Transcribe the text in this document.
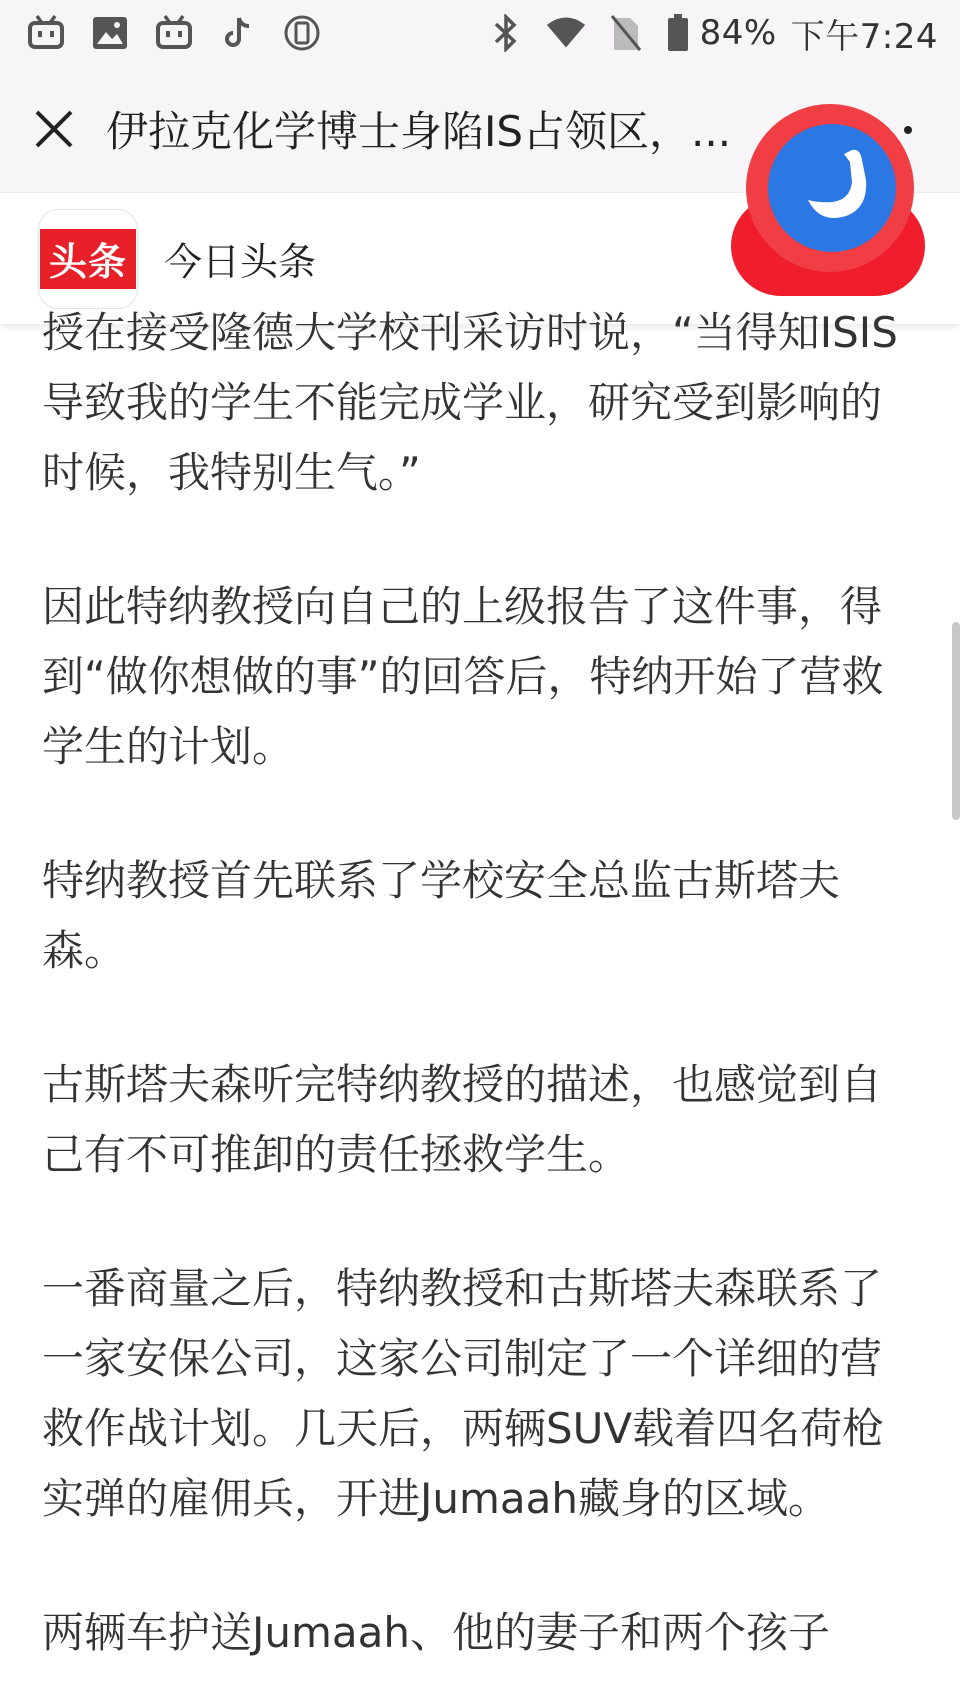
84% 下午7:24
伊拉克化学博士身陷IS占领区，...
头条 今日头条

授在接受隆德大学校刊采访时说，“当得知ISIS导致我的学生不能完成学业，研究受到影响的时候，我特别生气。”

因此特纳教授向自己的上级报告了这件事，得到“做你想做的事”的回答后，特纳开始了营救学生的计划。

特纳教授首先联系了学校安全总监古斯塔夫森。

古斯塔夫森听完特纳教授的描述，也感觉到自己有不可推卸的责任拯救学生。

一番商量之后，特纳教授和古斯塔夫森联系了一家安保公司，这家公司制定了一个详细的营救作战计划。几天后，两辆SUV载着四名荷枪实弹的雇佣兵，开进Jumaah藏身的区域。

两辆车护送Jumaah、他的妻子和两个孩子
